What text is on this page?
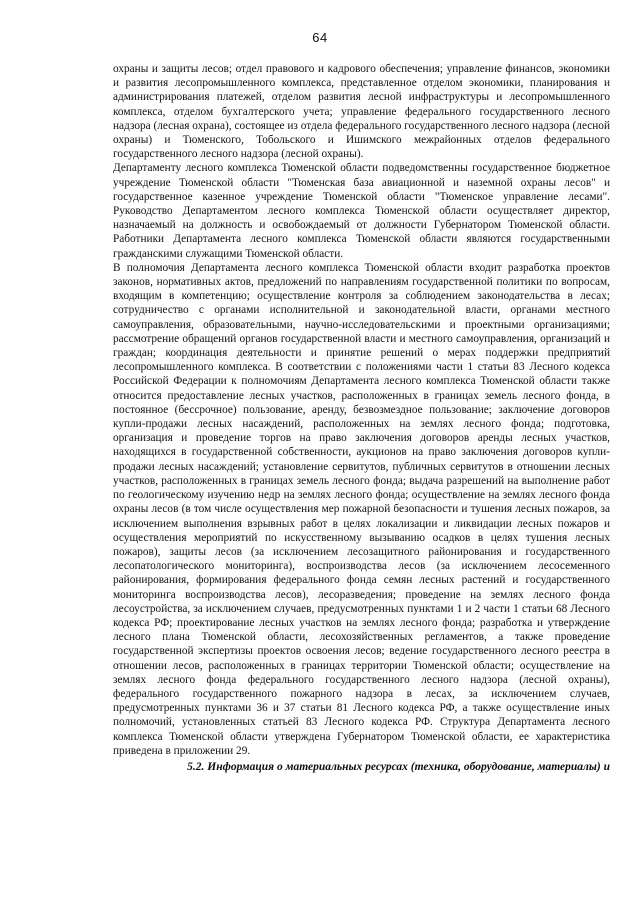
64

охраны и защиты лесов; отдел правового и кадрового обеспечения; управление финансов, экономики и развития лесопромышленного комплекса, представленное отделом экономики, планирования и администрирования платежей, отделом развития лесной инфраструктуры и лесопромышленного комплекса, отделом бухгалтерского учета; управление федерального государственного лесного надзора (лесная охрана), состоящее из отдела федерального государственного лесного надзора (лесной охраны) и Тюменского, Тобольского и Ишимского межрайонных отделов федерального государственного лесного надзора (лесной охраны).

Департаменту лесного комплекса Тюменской области подведомственны государственное бюджетное учреждение Тюменской области "Тюменская база авиационной и наземной охраны лесов" и государственное казенное учреждение Тюменской области "Тюменское управление лесами". Руководство Департаментом лесного комплекса Тюменской области осуществляет директор, назначаемый на должность и освобождаемый от должности Губернатором Тюменской области. Работники Департамента лесного комплекса Тюменской области являются государственными гражданскими служащими Тюменской области.

В полномочия Департамента лесного комплекса Тюменской области входит разработка проектов законов, нормативных актов, предложений по направлениям государственной политики по вопросам, входящим в компетенцию; осуществление контроля за соблюдением законодательства в лесах; сотрудничество с органами исполнительной и законодательной власти, органами местного самоуправления, образовательными, научно-исследовательскими и проектными организациями; рассмотрение обращений органов государственной власти и местного самоуправления, организаций и граждан; координация деятельности и принятие решений о мерах поддержки предприятий лесопромышленного комплекса. В соответствии с положениями части 1 статьи 83 Лесного кодекса Российской Федерации к полномочиям Департамента лесного комплекса Тюменской области также относится предоставление лесных участков, расположенных в границах земель лесного фонда, в постоянное (бессрочное) пользование, аренду, безвозмездное пользование; заключение договоров купли-продажи лесных насаждений, расположенных на землях лесного фонда; подготовка, организация и проведение торгов на право заключения договоров аренды лесных участков, находящихся в государственной собственности, аукционов на право заключения договоров купли-продажи лесных насаждений; установление сервитутов, публичных сервитутов в отношении лесных участков, расположенных в границах земель лесного фонда; выдача разрешений на выполнение работ по геологическому изучению недр на землях лесного фонда; осуществление на землях лесного фонда охраны лесов (в том числе осуществления мер пожарной безопасности и тушения лесных пожаров, за исключением выполнения взрывных работ в целях локализации и ликвидации лесных пожаров и осуществления мероприятий по искусственному вызыванию осадков в целях тушения лесных пожаров), защиты лесов (за исключением лесозащитного районирования и государственного лесопатологического мониторинга), воспроизводства лесов (за исключением лесосеменного районирования, формирования федерального фонда семян лесных растений и государственного мониторинга воспроизводства лесов), лесоразведения; проведение на землях лесного фонда лесоустройства, за исключением случаев, предусмотренных пунктами 1 и 2 части 1 статьи 68 Лесного кодекса РФ; проектирование лесных участков на землях лесного фонда; разработка и утверждение лесного плана Тюменской области, лесохозяйственных регламентов, а также проведение государственной экспертизы проектов освоения лесов; ведение государственного лесного реестра в отношении лесов, расположенных в границах территории Тюменской области; осуществление на землях лесного фонда федерального государственного лесного надзора (лесной охраны), федерального государственного пожарного надзора в лесах, за исключением случаев, предусмотренных пунктами 36 и 37 статьи 81 Лесного кодекса РФ, а также осуществление иных полномочий, установленных статьей 83 Лесного кодекса РФ. Структура Департамента лесного комплекса Тюменской области утверждена Губернатором Тюменской области, ее характеристика приведена в приложении 29.

5.2. Информация о материальных ресурсах (техника, оборудование, материалы) и
